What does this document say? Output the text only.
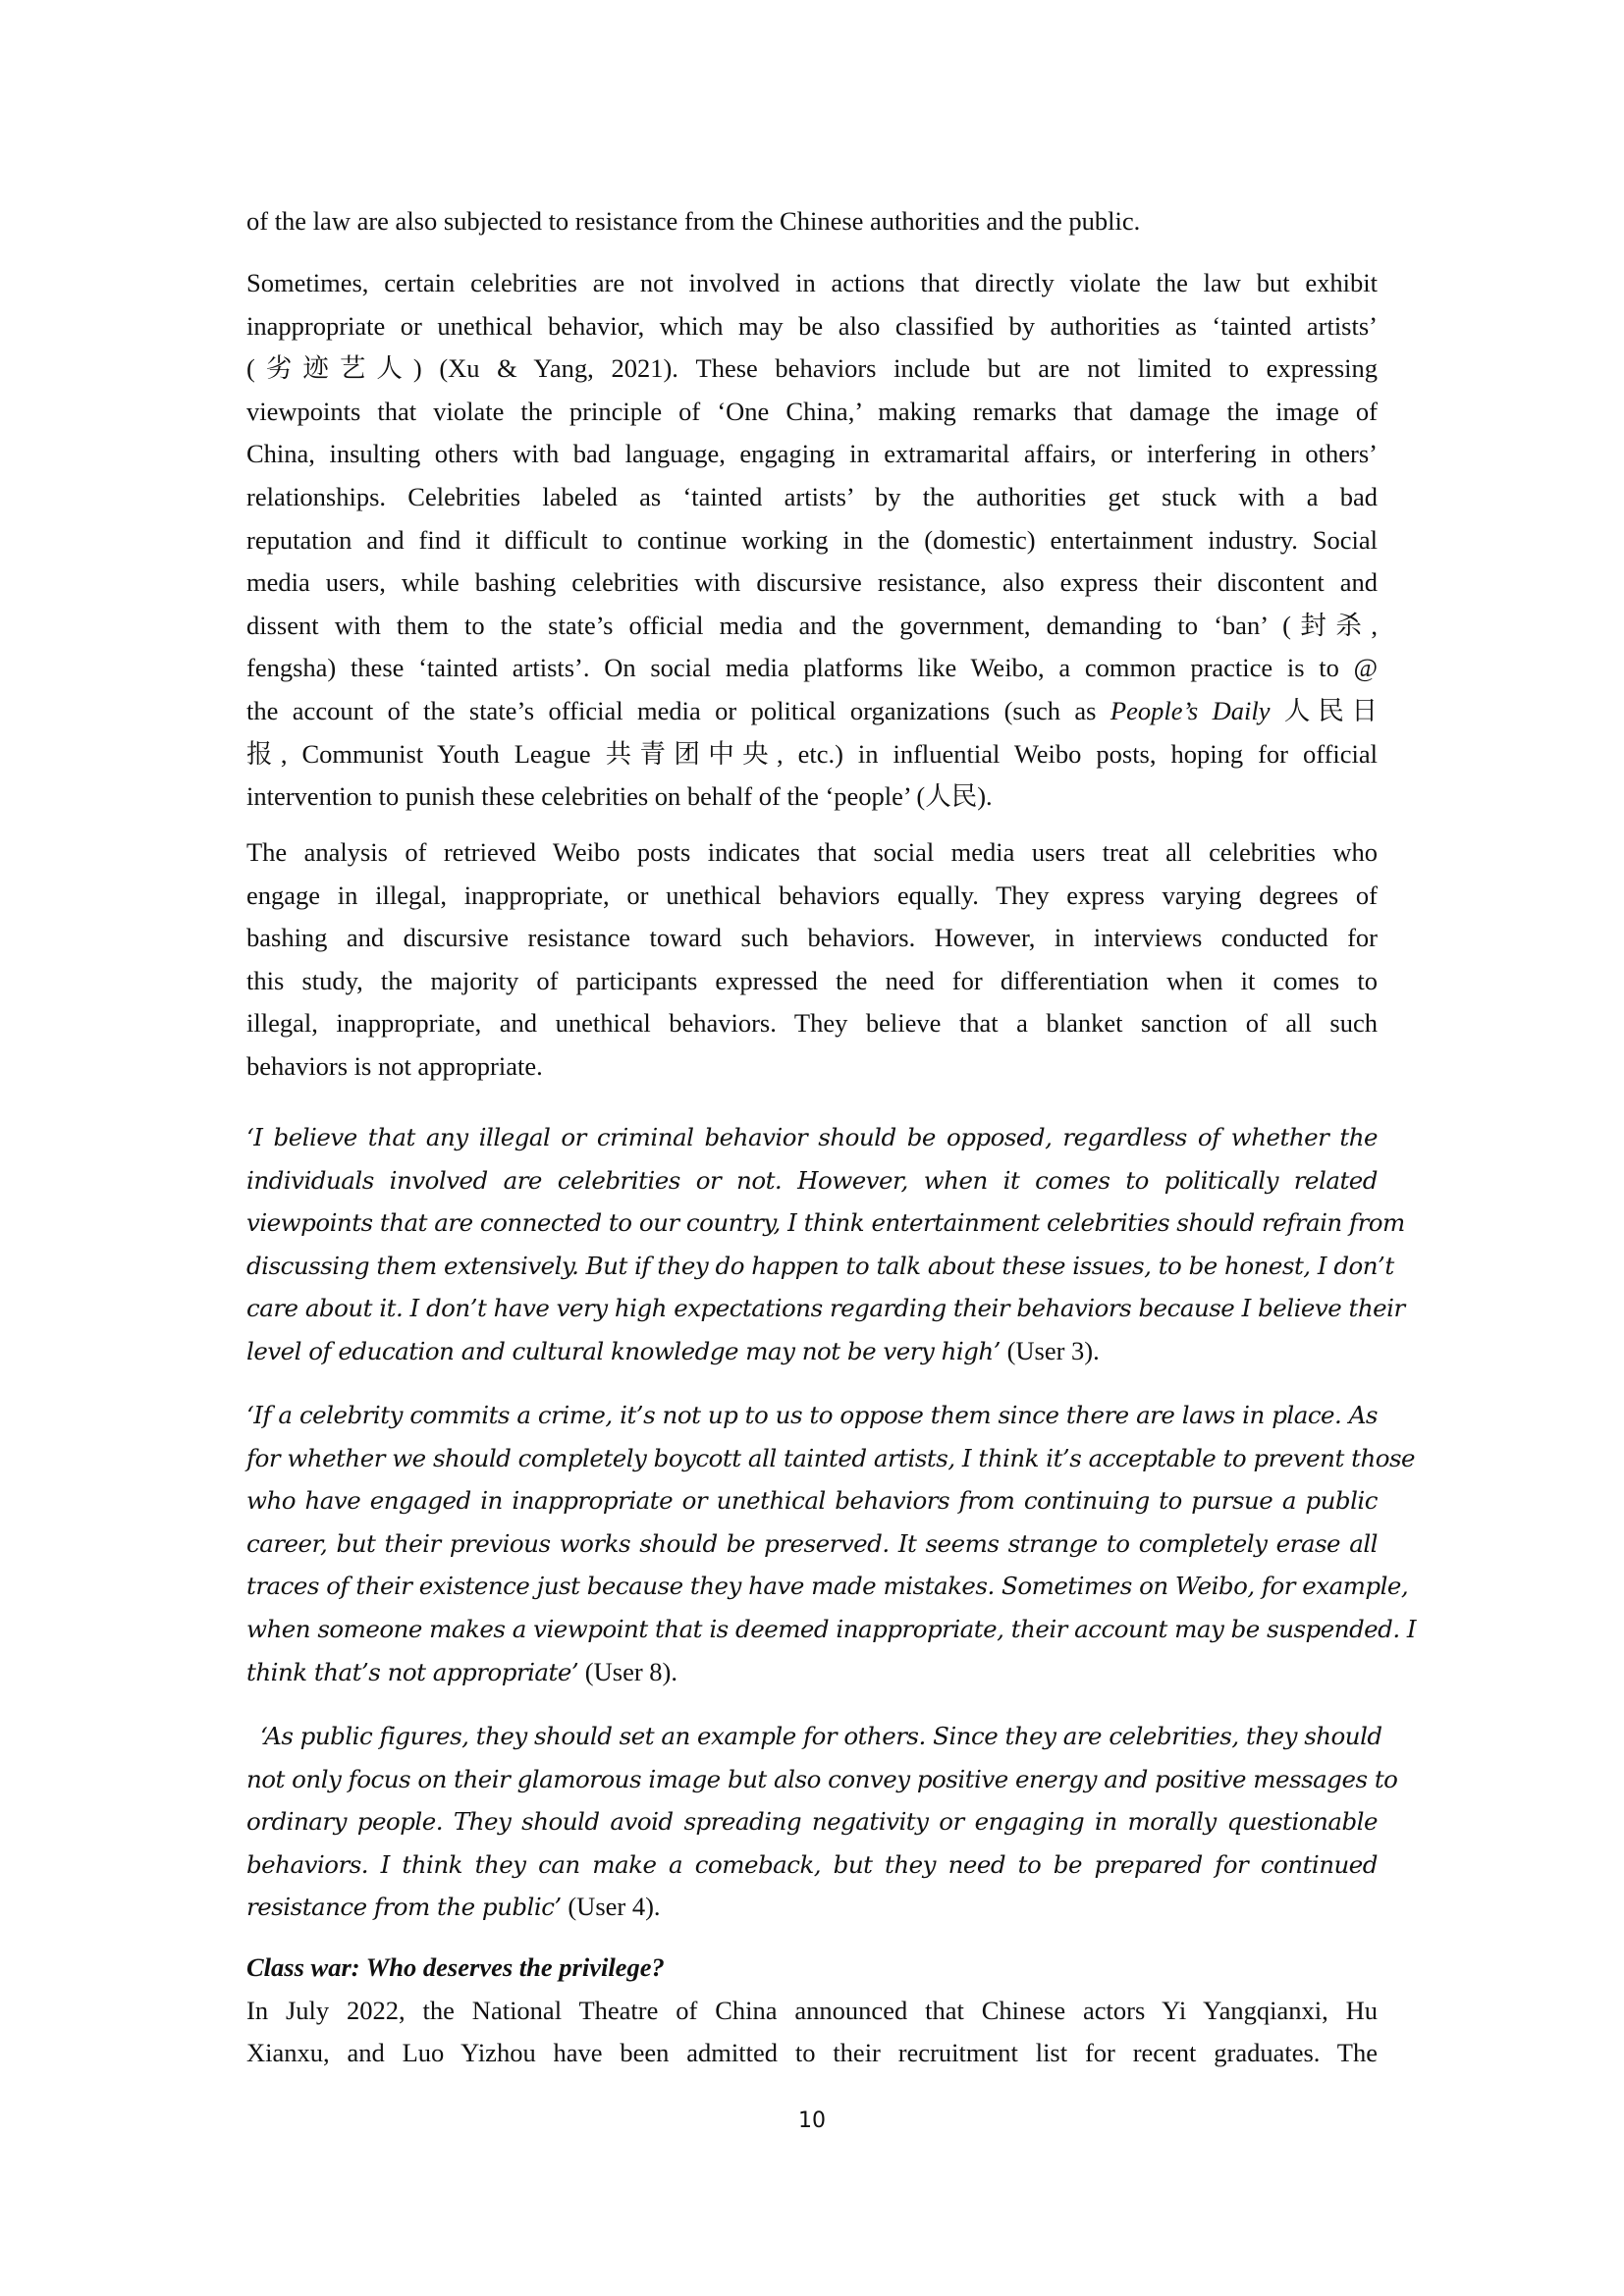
of the law are also subjected to resistance from the Chinese authorities and the public.
Sometimes, certain celebrities are not involved in actions that directly violate the law but exhibit
inappropriate or unethical behavior, which may be also classified by authorities as ‘tainted artists’
(劣迹艺人) (Xu & Yang, 2021). These behaviors include but are not limited to expressing
viewpoints that violate the principle of ‘One China,’ making remarks that damage the image of
China, insulting others with bad language, engaging in extramarital affairs, or interfering in others’
relationships. Celebrities labeled as ‘tainted artists’ by the authorities get stuck with a bad
reputation and find it difficult to continue working in the (domestic) entertainment industry. Social
media users, while bashing celebrities with discursive resistance, also express their discontent and
dissent with them to the state’s official media and the government, demanding to ‘ban’ (封杀,
fengsha) these ‘tainted artists’. On social media platforms like Weibo, a common practice is to @
the account of the state’s official media or political organizations (such as People’s Daily 人民日
报, Communist Youth League 共青团中央, etc.) in influential Weibo posts, hoping for official
intervention to punish these celebrities on behalf of the ‘people’ (人民).
The analysis of retrieved Weibo posts indicates that social media users treat all celebrities who
engage in illegal, inappropriate, or unethical behaviors equally. They express varying degrees of
bashing and discursive resistance toward such behaviors. However, in interviews conducted for
this study, the majority of participants expressed the need for differentiation when it comes to
illegal, inappropriate, and unethical behaviors. They believe that a blanket sanction of all such
behaviors is not appropriate.
‘I believe that any illegal or criminal behavior should be opposed, regardless of whether the
individuals involved are celebrities or not. However, when it comes to politically related
viewpoints that are connected to our country, I think entertainment celebrities should refrain from
discussing them extensively. But if they do happen to talk about these issues, to be honest, I don’t
care about it. I don’t have very high expectations regarding their behaviors because I believe their
level of education and cultural knowledge may not be very high’ (User 3).
‘If a celebrity commits a crime, it’s not up to us to oppose them since there are laws in place. As
for whether we should completely boycott all tainted artists, I think it’s acceptable to prevent those
who have engaged in inappropriate or unethical behaviors from continuing to pursue a public
career, but their previous works should be preserved. It seems strange to completely erase all
traces of their existence just because they have made mistakes. Sometimes on Weibo, for example,
when someone makes a viewpoint that is deemed inappropriate, their account may be suspended. I
think that’s not appropriate’ (User 8).
‘As public figures, they should set an example for others. Since they are celebrities, they should
not only focus on their glamorous image but also convey positive energy and positive messages to
ordinary people. They should avoid spreading negativity or engaging in morally questionable
behaviors. I think they can make a comeback, but they need to be prepared for continued
resistance from the public’ (User 4).
Class war: Who deserves the privilege?
In July 2022, the National Theatre of China announced that Chinese actors Yi Yangqianxi, Hu
Xianxu, and Luo Yizhou have been admitted to their recruitment list for recent graduates. The
10
